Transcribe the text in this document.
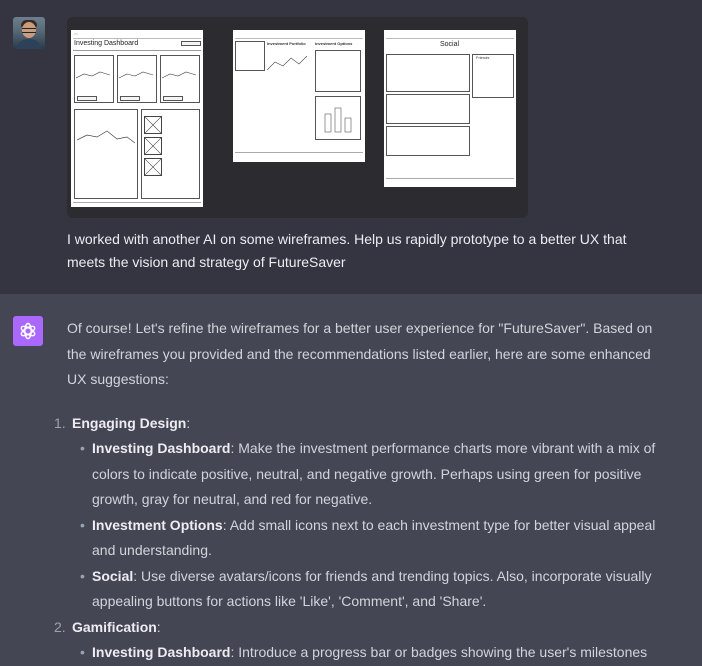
▭
Investing Dashboard	Investment Portfolio Investment Options	Social
Friends
I worked with another AI on some wireframes. Help us rapidly prototype to a better UX that meets the vision and strategy of FutureSaver

Of course! Let's refine the wireframes for a better user experience for "FutureSaver". Based on the wireframes you provided and the recommendations listed earlier, here are some enhanced UX suggestions:

1. Engaging Design:
• Investing Dashboard: Make the investment performance charts more vibrant with a mix of colors to indicate positive, neutral, and negative growth. Perhaps using green for positive growth, gray for neutral, and red for negative.
• Investment Options: Add small icons next to each investment type for better visual appeal and understanding.
• Social: Use diverse avatars/icons for friends and trending topics. Also, incorporate visually appealing buttons for actions like 'Like', 'Comment', and 'Share'.
2. Gamification:
• Investing Dashboard: Introduce a progress bar or badges showing the user's milestones
